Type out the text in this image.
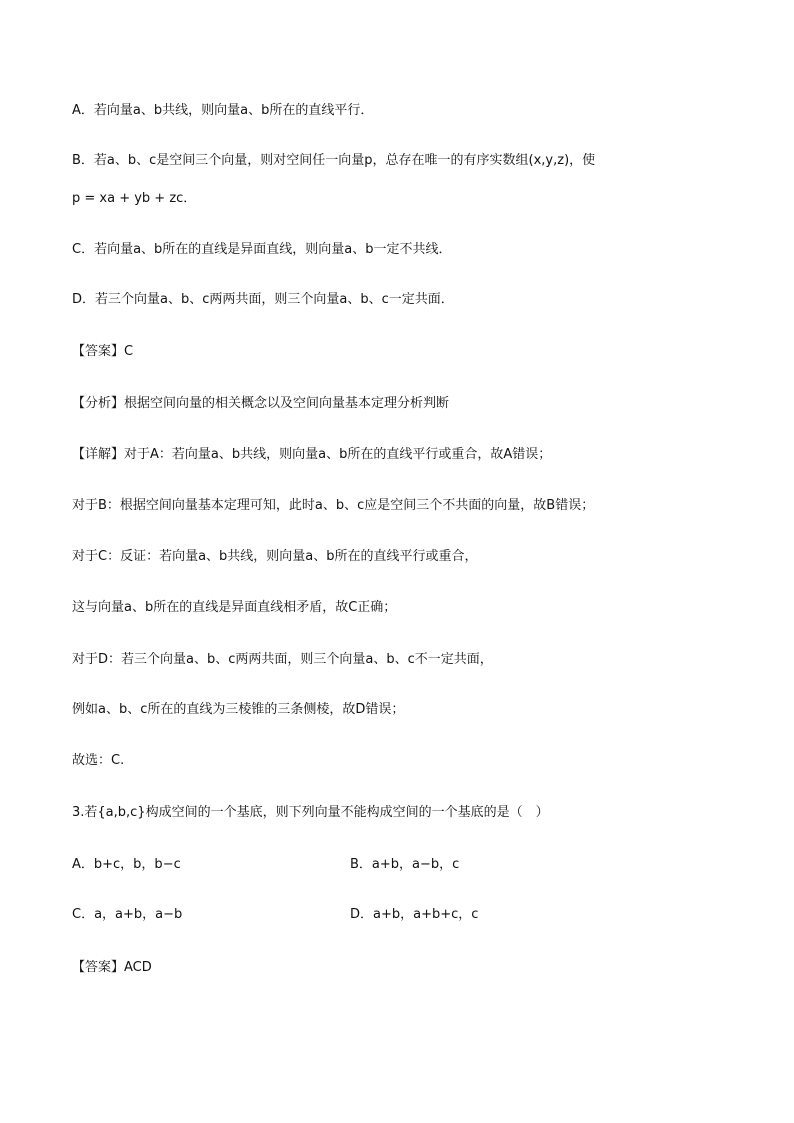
A．若向量a、b共线，则向量a、b所在的直线平行．
B．若a、b、c是空间三个向量，则对空间任一向量p，总存在唯一的有序实数组(x,y,z)，使
p = xa + yb + zc．
C．若向量a、b所在的直线是异面直线，则向量a、b一定不共线．
D．若三个向量a、b、c两两共面，则三个向量a、b、c一定共面．
【答案】C
【分析】根据空间向量的相关概念以及空间向量基本定理分析判断
【详解】对于A：若向量a、b共线，则向量a、b所在的直线平行或重合，故A错误；
对于B：根据空间向量基本定理可知，此时a、b、c应是空间三个不共面的向量，故B错误；
对于C：反证：若向量a、b共线，则向量a、b所在的直线平行或重合，
这与向量a、b所在的直线是异面直线相矛盾，故C正确；
对于D：若三个向量a、b、c两两共面，则三个向量a、b、c不一定共面，
例如a、b、c所在的直线为三棱锥的三条侧棱，故D错误；
故选：C.
3.若{a,b,c}构成空间的一个基底，则下列向量不能构成空间的一个基底的是（　）
A．b+c，b，b−c	B．a+b，a−b，c
C．a，a+b，a−b	D．a+b，a+b+c，c
【答案】ACD
